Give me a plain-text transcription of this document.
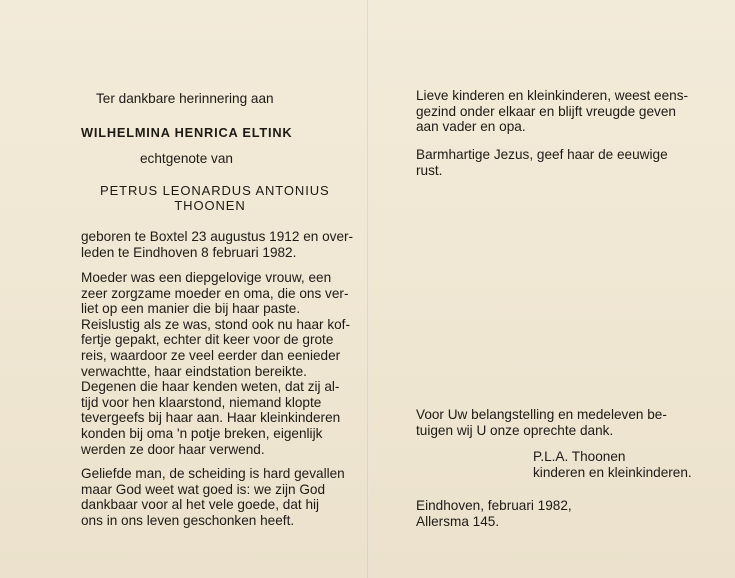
Ter dankbare herinnering aan
WILHELMINA HENRICA ELTINK
echtgenote van
PETRUS LEONARDUS ANTONIUS
THOONEN
geboren te Boxtel 23 augustus 1912 en over-
leden te Eindhoven 8 februari 1982.
Moeder was een diepgelovige vrouw, een
zeer zorgzame moeder en oma, die ons ver-
liet op een manier die bij haar paste.
Reislustig als ze was, stond ook nu haar kof-
fertje gepakt, echter dit keer voor de grote
reis, waardoor ze veel eerder dan eenieder
verwachtte, haar eindstation bereikte.
Degenen die haar kenden weten, dat zij al-
tijd voor hen klaarstond, niemand klopte
tevergeefs bij haar aan. Haar kleinkinderen
konden bij oma 'n potje breken, eigenlijk
werden ze door haar verwend.
Geliefde man, de scheiding is hard gevallen
maar God weet wat goed is: we zijn God
dankbaar voor al het vele goede, dat hij
ons in ons leven geschonken heeft.
Lieve kinderen en kleinkinderen, weest eens-
gezind onder elkaar en blijft vreugde geven
aan vader en opa.
Barmhartige Jezus, geef haar de eeuwige
rust.
Voor Uw belangstelling en medeleven be-
tuigen wij U onze oprechte dank.
P.L.A. Thoonen
kinderen en kleinkinderen.
Eindhoven, februari 1982,
Allersma 145.
